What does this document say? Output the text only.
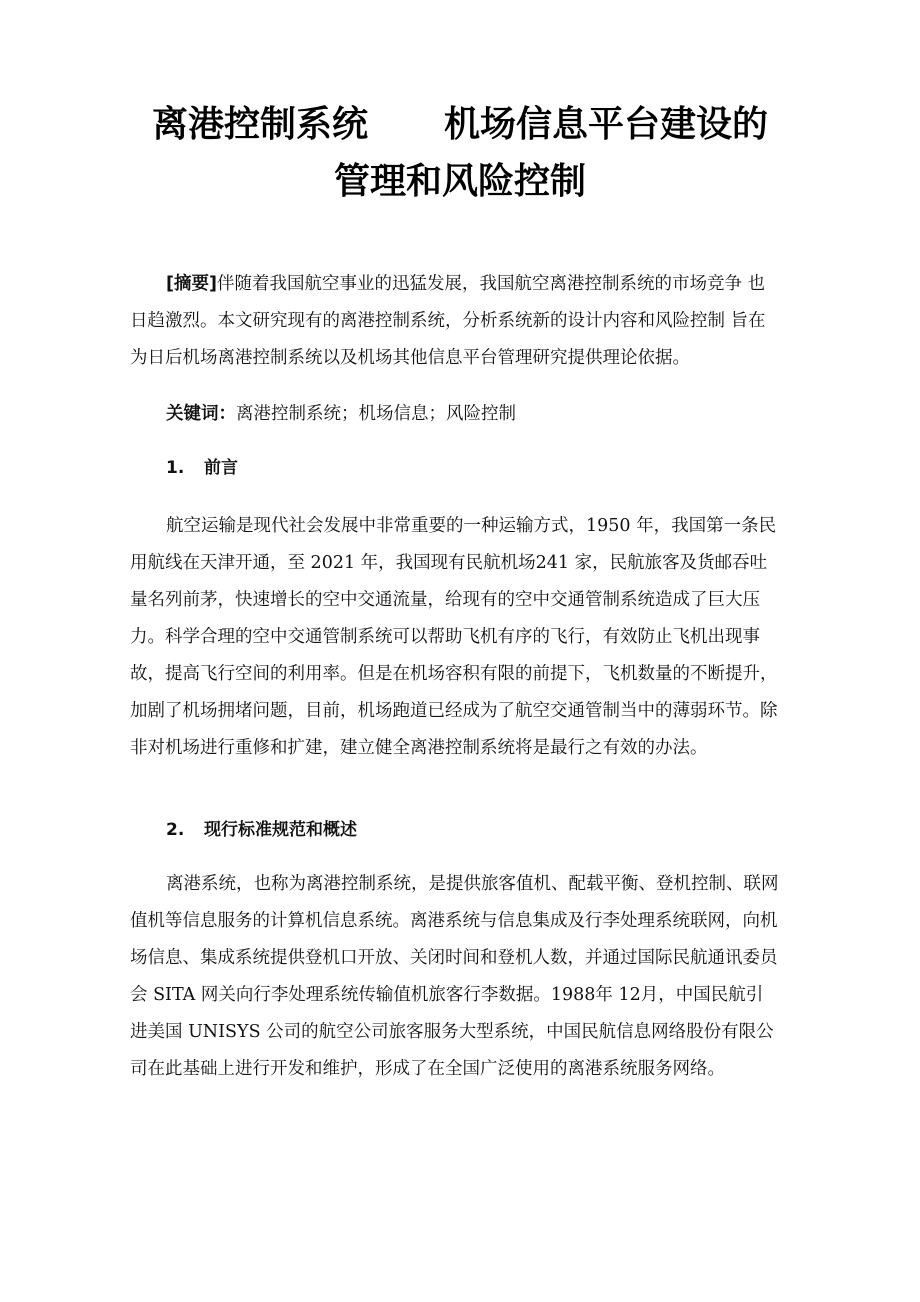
离港控制系统 机场信息平台建设的
管理和风险控制

[摘要]伴随着我国航空事业的迅猛发展，我国航空离港控制系统的市场竞争 也日趋激烈。本文研究现有的离港控制系统，分析系统新的设计内容和风险控制 旨在为日后机场离港控制系统以及机场其他信息平台管理研究提供理论依据。

关键词：离港控制系统；机场信息；风险控制

1. 前言

航空运输是现代社会发展中非常重要的一种运输方式，1950 年，我国第一条民用航线在天津开通，至 2021 年，我国现有民航机场241 家，民航旅客及货邮吞吐量名列前茅，快速增长的空中交通流量，给现有的空中交通管制系统造成了巨大压力。科学合理的空中交通管制系统可以帮助飞机有序的飞行，有效防止飞机出现事故，提高飞行空间的利用率。但是在机场容积有限的前提下，飞机数量的不断提升，加剧了机场拥堵问题，目前，机场跑道已经成为了航空交通管制当中的薄弱环节。除非对机场进行重修和扩建，建立健全离港控制系统将是最行之有效的办法。

2. 现行标准规范和概述

离港系统，也称为离港控制系统，是提供旅客值机、配载平衡、登机控制、联网值机等信息服务的计算机信息系统。离港系统与信息集成及行李处理系统联网，向机场信息、集成系统提供登机口开放、关闭时间和登机人数，并通过国际民航通讯委员会 SITA 网关向行李处理系统传输值机旅客行李数据。1988年 12月，中国民航引进美国 UNISYS 公司的航空公司旅客服务大型系统，中国民航信息网络股份有限公司在此基础上进行开发和维护，形成了在全国广泛使用的离港系统服务网络。
